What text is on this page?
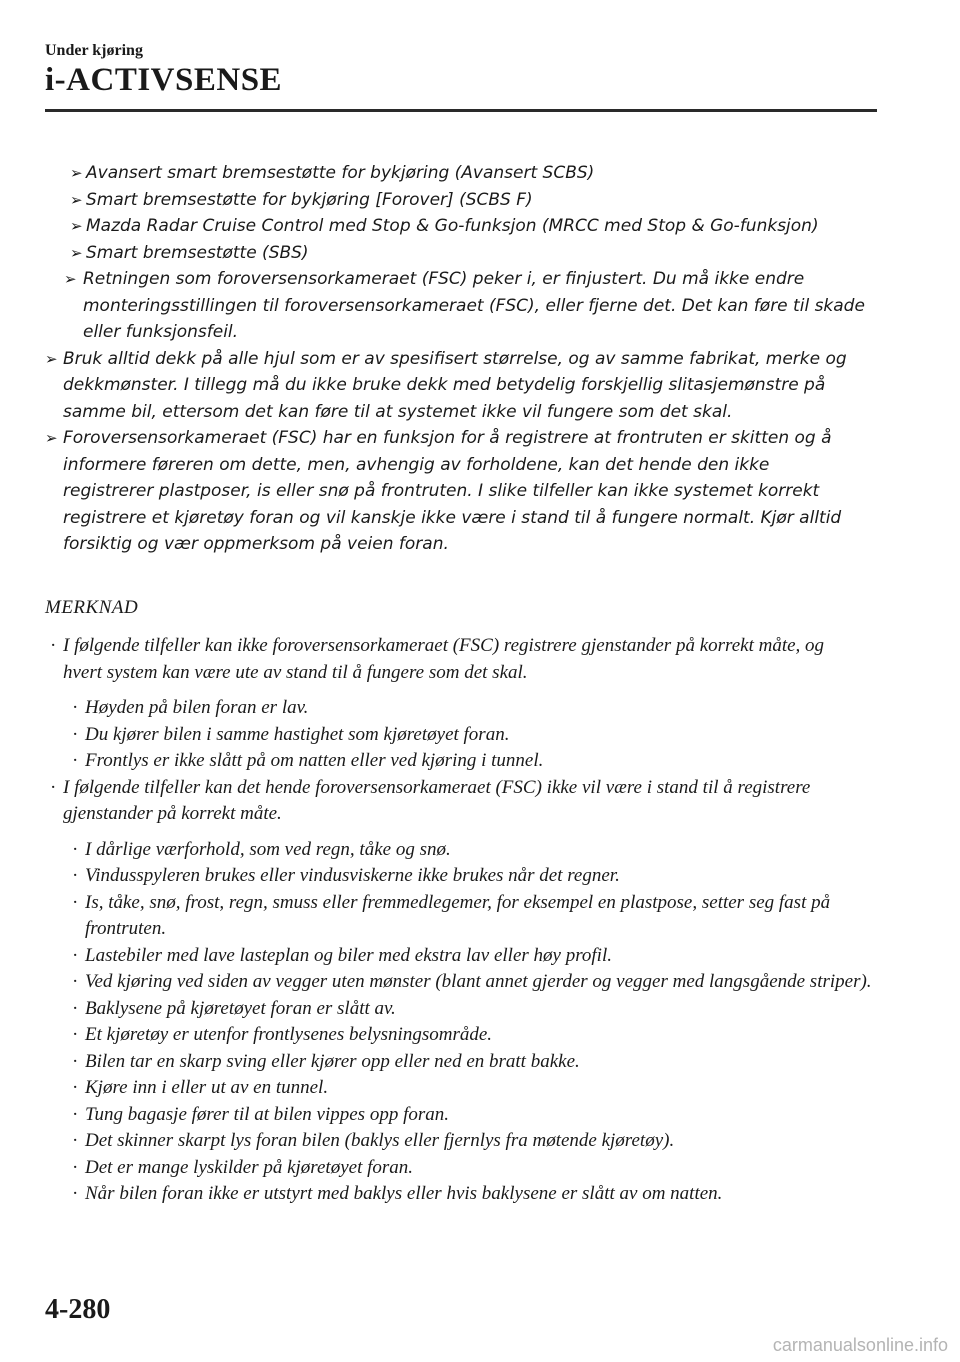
Under kjøring
i-ACTIVSENSE
➢ Avansert smart bremsestøtte for bykjøring (Avansert SCBS)
➢ Smart bremsestøtte for bykjøring [Forover] (SCBS F)
➢ Mazda Radar Cruise Control med Stop & Go-funksjon (MRCC med Stop & Go-funksjon)
➢ Smart bremsestøtte (SBS)
➢ Retningen som foroversensorkameraet (FSC) peker i, er finjustert. Du må ikke endre monteringsstillingen til foroversensorkameraet (FSC), eller fjerne det. Det kan føre til skade eller funksjonsfeil.
➢ Bruk alltid dekk på alle hjul som er av spesifisert størrelse, og av samme fabrikat, merke og dekkmønster. I tillegg må du ikke bruke dekk med betydelig forskjellig slitasjemønstre på samme bil, ettersom det kan føre til at systemet ikke vil fungere som det skal.
➢ Foroversensorkameraet (FSC) har en funksjon for å registrere at frontruten er skitten og å informere føreren om dette, men, avhengig av forholdene, kan det hende den ikke registrerer plastposer, is eller snø på frontruten. I slike tilfeller kan ikke systemet korrekt registrere et kjøretøy foran og vil kanskje ikke være i stand til å fungere normalt. Kjør alltid forsiktig og vær oppmerksom på veien foran.
MERKNAD
· I følgende tilfeller kan ikke foroversensorkameraet (FSC) registrere gjenstander på korrekt måte, og hvert system kan være ute av stand til å fungere som det skal.
· Høyden på bilen foran er lav.
· Du kjører bilen i samme hastighet som kjøretøyet foran.
· Frontlys er ikke slått på om natten eller ved kjøring i tunnel.
· I følgende tilfeller kan det hende foroversensorkameraet (FSC) ikke vil være i stand til å registrere gjenstander på korrekt måte.
· I dårlige værforhold, som ved regn, tåke og snø.
· Vindusspyleren brukes eller vindusviskerne ikke brukes når det regner.
· Is, tåke, snø, frost, regn, smuss eller fremmedlegemer, for eksempel en plastpose, setter seg fast på frontruten.
· Lastebiler med lave lasteplan og biler med ekstra lav eller høy profil.
· Ved kjøring ved siden av vegger uten mønster (blant annet gjerder og vegger med langsgående striper).
· Baklysene på kjøretøyet foran er slått av.
· Et kjøretøy er utenfor frontlysenes belysningsområde.
· Bilen tar en skarp sving eller kjører opp eller ned en bratt bakke.
· Kjøre inn i eller ut av en tunnel.
· Tung bagasje fører til at bilen vippes opp foran.
· Det skinner skarpt lys foran bilen (baklys eller fjernlys fra møtende kjøretøy).
· Det er mange lyskilder på kjøretøyet foran.
· Når bilen foran ikke er utstyrt med baklys eller hvis baklysene er slått av om natten.
4-280
carmanualsonline.info
